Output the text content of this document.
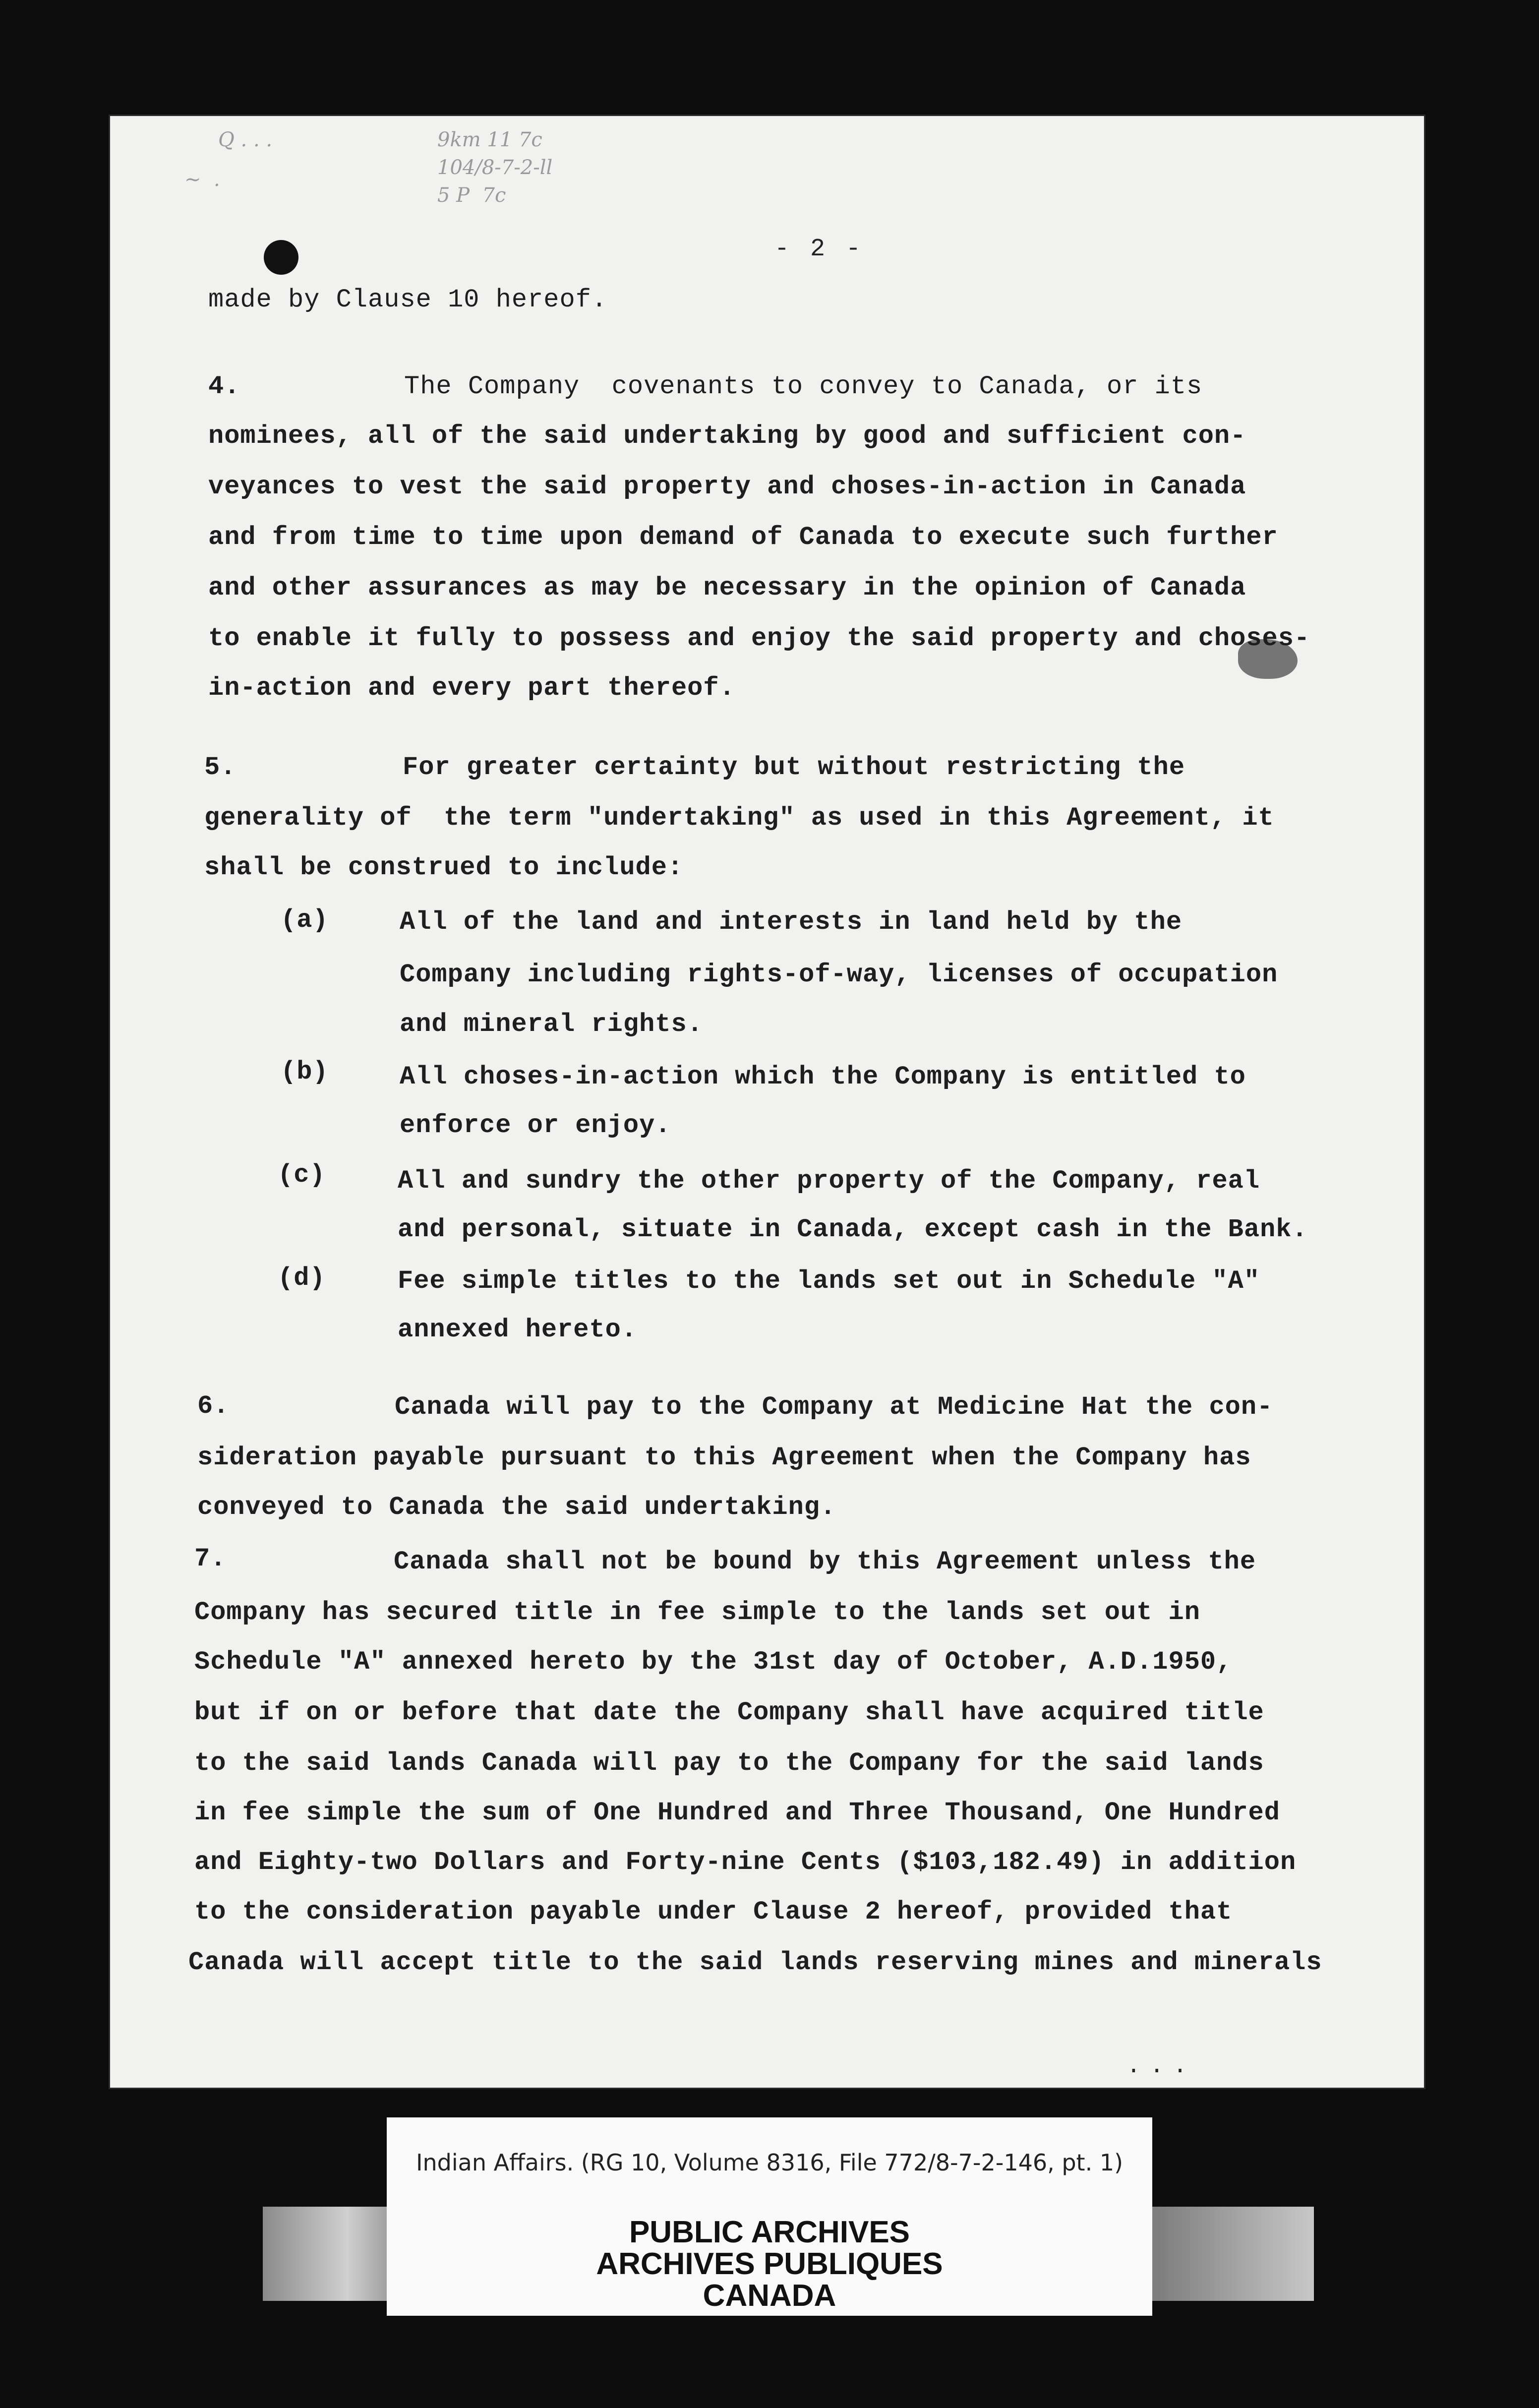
Q . . .
~  .
9km 11 7c
104/8-7-2-ll
5 P  7c
- 2 -
made by Clause 10 hereof.
4.	The Company  covenants to convey to Canada, or its
nominees, all of the said undertaking by good and sufficient con-
veyances to vest the said property and choses-in-action in Canada
and from time to time upon demand of Canada to execute such further
and other assurances as may be necessary in the opinion of Canada
to enable it fully to possess and enjoy the said property and choses-
in-action and every part thereof.
5.	For greater certainty but without restricting the
generality of  the term "undertaking" as used in this Agreement, it
shall be construed to include:
(a)	All of the land and interests in land held by the
Company including rights-of-way, licenses of occupation
and mineral rights.
(b)	All choses-in-action which the Company is entitled to
enforce or enjoy.
(c)	All and sundry the other property of the Company, real
and personal, situate in Canada, except cash in the Bank.
(d)	Fee simple titles to the lands set out in Schedule "A"
annexed hereto.
6.	Canada will pay to the Company at Medicine Hat the con-
sideration payable pursuant to this Agreement when the Company has
conveyed to Canada the said undertaking.
7.	Canada shall not be bound by this Agreement unless the
Company has secured title in fee simple to the lands set out in
Schedule "A" annexed hereto by the 31st day of October, A.D.1950,
but if on or before that date the Company shall have acquired title
to the said lands Canada will pay to the Company for the said lands
in fee simple the sum of One Hundred and Three Thousand, One Hundred
and Eighty-two Dollars and Forty-nine Cents ($103,182.49) in addition
to the consideration payable under Clause 2 hereof, provided that
Canada will accept title to the said lands reserving mines and minerals
...
Indian Affairs. (RG 10, Volume 8316, File 772/8-7-2-146, pt. 1)
PUBLIC ARCHIVES
ARCHIVES PUBLIQUES
CANADA
